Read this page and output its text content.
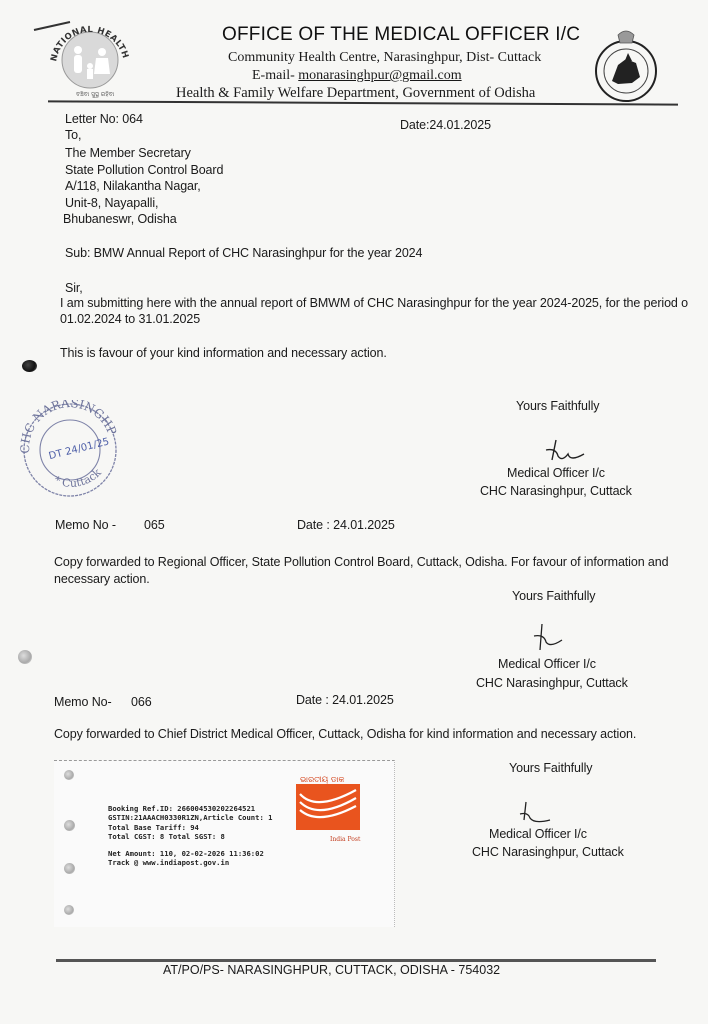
NATIONAL HEALTH
ବଞ୍ଚିବା ସୁସ୍ଥ ରହିବା
OFFICE OF THE MEDICAL OFFICER I/C
Community Health Centre, Narasinghpur, Dist- Cuttack
E-mail- monarasinghpur@gmail.com
Health & Family Welfare Department, Government of Odisha
Letter No: 064	Date:24.01.2025
To,
The Member Secretary
State Pollution Control Board
A/118, Nilakantha Nagar,
Unit-8, Nayapalli,
Bhubaneswr, Odisha
Sub: BMW Annual Report of CHC Narasinghpur for the year 2024
Sir,
I am submitting here with the annual report of BMWM of CHC Narasinghpur for the year 2024-2025, for the period o
01.02.2024 to 31.01.2025
This is favour of your kind information and necessary action.
CHC NARASINGHP
* Cuttack
DT 24/01/25
Yours Faithfully
Medical Officer I/c
CHC Narasinghpur, Cuttack
Memo No - 065	Date : 24.01.2025
Copy forwarded to Regional Officer, State Pollution Control Board, Cuttack, Odisha. For favour of information and
necessary action.
Yours Faithfully
Medical Officer I/c
CHC Narasinghpur, Cuttack
Memo No- 066	Date : 24.01.2025
Copy forwarded to Chief District Medical Officer, Cuttack, Odisha for kind information and necessary action.
ଭାରତୀୟ ଡାକ
India Post
Booking Ref.ID: 266004530202264521
GSTIN:21AAACH0330R1ZN,Article Count: 1
Total Base Tariff: 94
Total CGST: 8 Total SGST: 8
Net Amount: 110, 02-02-2026 11:36:02
Track @ www.indiapost.gov.in
Yours Faithfully
Medical Officer I/c
CHC Narasinghpur, Cuttack
AT/PO/PS- NARASINGHPUR, CUTTACK, ODISHA - 754032
